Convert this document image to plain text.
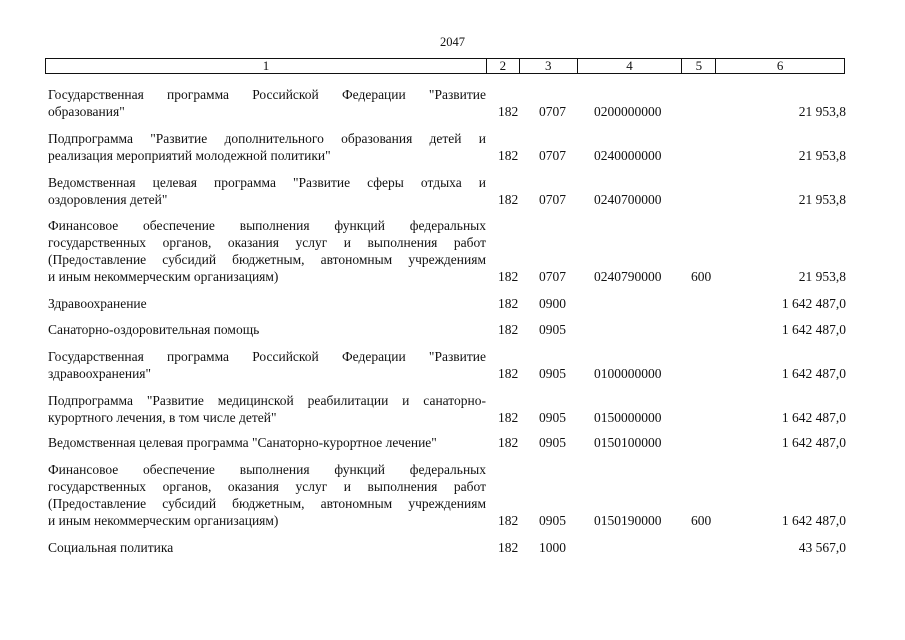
2047
1	2	3	4	5	6
Государственная программа Российской Федерации "Развитие
образования"	182 0707 0200000000	21 953,8
Подпрограмма "Развитие дополнительного образования детей и
реализация мероприятий молодежной политики"	182 0707 0240000000	21 953,8
Ведомственная целевая программа "Развитие сферы отдыха и
оздоровления детей"	182 0707 0240700000	21 953,8
Финансовое обеспечение выполнения функций федеральных
государственных органов, оказания услуг и выполнения работ
(Предоставление субсидий бюджетным, автономным учреждениям
и иным некоммерческим организациям)	182 0707 0240790000 600	21 953,8
Здравоохранение	182 0900	1 642 487,0
Санаторно-оздоровительная помощь	182 0905	1 642 487,0
Государственная программа Российской Федерации "Развитие
здравоохранения"	182 0905 0100000000	1 642 487,0
Подпрограмма "Развитие медицинской реабилитации и санаторно-
курортного лечения, в том числе детей"	182 0905 0150000000	1 642 487,0
Ведомственная целевая программа "Санаторно-курортное лечение"	182 0905 0150100000	1 642 487,0
Финансовое обеспечение выполнения функций федеральных
государственных органов, оказания услуг и выполнения работ
(Предоставление субсидий бюджетным, автономным учреждениям
и иным некоммерческим организациям)	182 0905 0150190000 600	1 642 487,0
Социальная политика	182 1000	43 567,0
